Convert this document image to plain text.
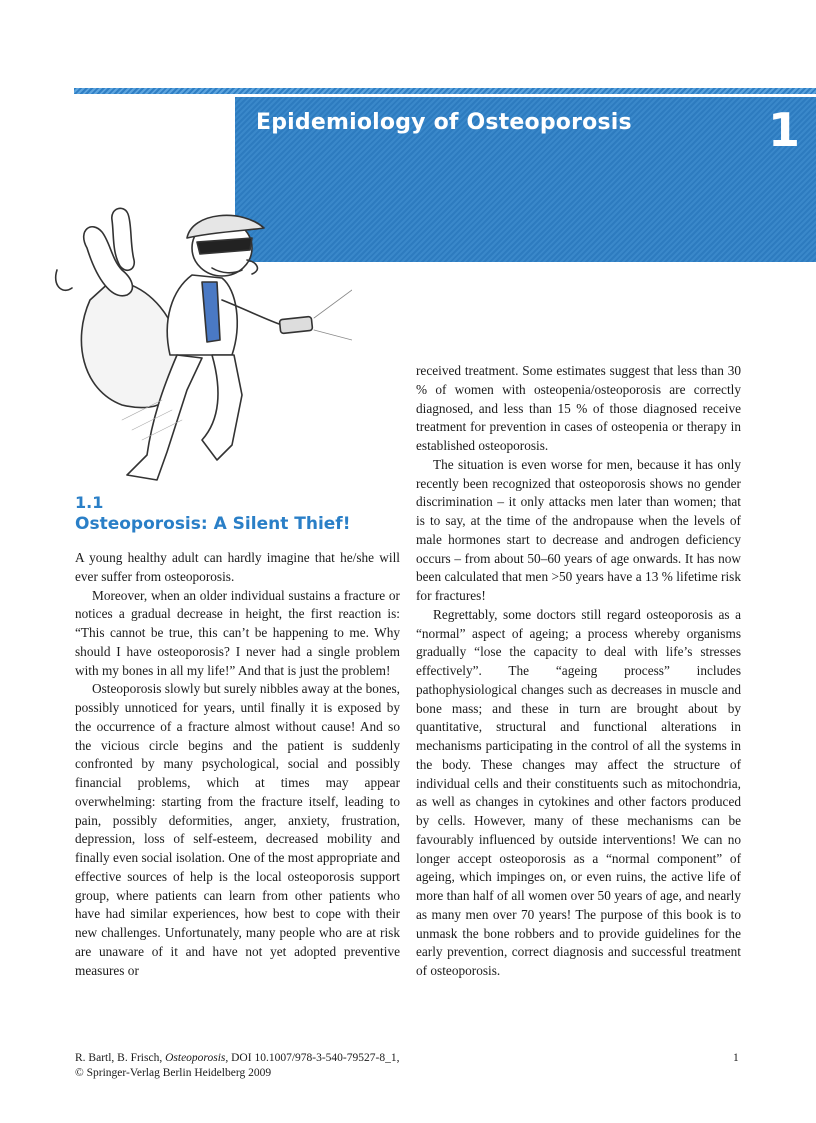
Epidemiology of Osteoporosis	1
1.1
Osteoporosis: A Silent Thief!

A young healthy adult can hardly imagine that he/she will ever suffer from osteoporosis.

Moreover, when an older individual sustains a fracture or notices a gradual decrease in height, the first reaction is: “This cannot be true, this can’t be happening to me. Why should I have osteoporosis? I never had a single problem with my bones in all my life!” And that is just the problem!

Osteoporosis slowly but surely nibbles away at the bones, possibly unnoticed for years, until finally it is exposed by the occurrence of a fracture almost without cause! And so the vicious circle begins and the patient is suddenly confronted by many psychological, social and possibly financial problems, which at times may appear overwhelming: starting from the fracture itself, leading to pain, possibly deformities, anger, anxiety, frustration, depression, loss of self-esteem, decreased mobility and finally even social isolation. One of the most appropriate and effective sources of help is the local osteoporosis support group, where patients can learn from other patients who have had similar experiences, how best to cope with their new challenges. Unfortunately, many people who are at risk are unaware of it and have not yet adopted preventive measures or

received treatment. Some estimates suggest that less than 30 % of women with osteopenia/osteoporosis are correctly diagnosed, and less than 15 % of those diagnosed receive treatment for prevention in cases of osteopenia or therapy in established osteoporosis.

The situation is even worse for men, because it has only recently been recognized that osteoporosis shows no gender discrimination – it only attacks men later than women; that is to say, at the time of the andropause when the levels of male hormones start to decrease and androgen deficiency occurs – from about 50–60 years of age onwards. It has now been calculated that men >50 years have a 13 % lifetime risk for fractures!

Regrettably, some doctors still regard osteoporosis as a “normal” aspect of ageing; a process whereby organisms gradually “lose the capacity to deal with life’s stresses effectively”. The “ageing process” includes pathophysiological changes such as decreases in muscle and bone mass; and these in turn are brought about by quantitative, structural and functional alterations in mechanisms participating in the control of all the systems in the body. These changes may affect the structure of individual cells and their constituents such as mitochondria, as well as changes in cytokines and other factors produced by cells. However, many of these mechanisms can be favourably influenced by outside interventions! We can no longer accept osteoporosis as a “normal component” of ageing, which impinges on, or even ruins, the active life of more than half of all women over 50 years of age, and nearly as many men over 70 years! The purpose of this book is to unmask the bone robbers and to provide guidelines for the early prevention, correct diagnosis and successful treatment of osteoporosis.

R. Bartl, B. Frisch, Osteoporosis, DOI 10.1007/978-3-540-79527-8_1,
© Springer-Verlag Berlin Heidelberg 2009
1
